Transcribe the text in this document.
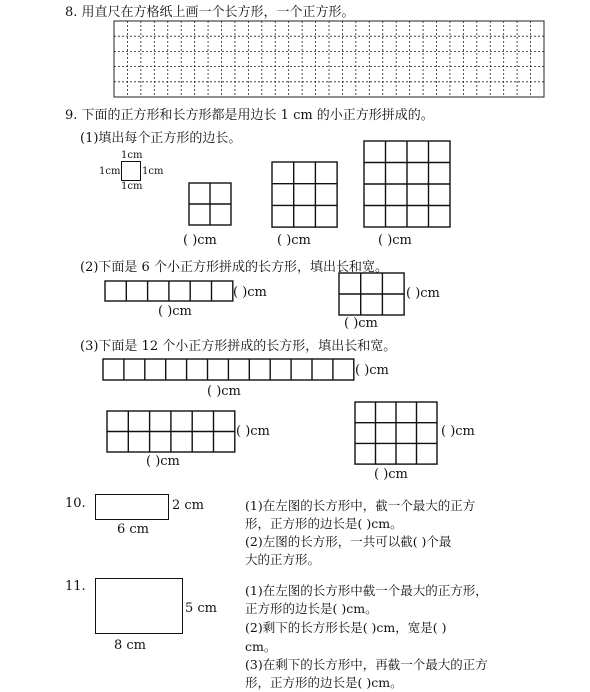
8. 用直尺在方格纸上画一个长方形，一个正方形。
9. 下面的正方形和长方形都是用边长 1 cm 的小正方形拼成的。
(1)填出每个正方形的边长。
1cm
1cm
1cm 1cm
( )cm	( )cm	( )cm
(2)下面是 6 个小正方形拼成的长方形，填出长和宽。
( )cm
( )cm
( )cm
( )cm
(3)下面是 12 个小正方形拼成的长方形，填出长和宽。
( )cm
( )cm
( )cm
( )cm
( )cm
( )cm
10.	2 cm
6 cm
(1)在左图的长方形中，截一个最大的正方
形，正方形的边长是( )cm。
(2)左图的长方形，一共可以截( )个最
大的正方形。
11.
5 cm
8 cm
(1)在左图的长方形中截一个最大的正方形，
正方形的边长是( )cm。
(2)剩下的长方形长是( )cm，宽是( )
cm。
(3)在剩下的长方形中，再截一个最大的正方
形，正方形的边长是( )cm。
